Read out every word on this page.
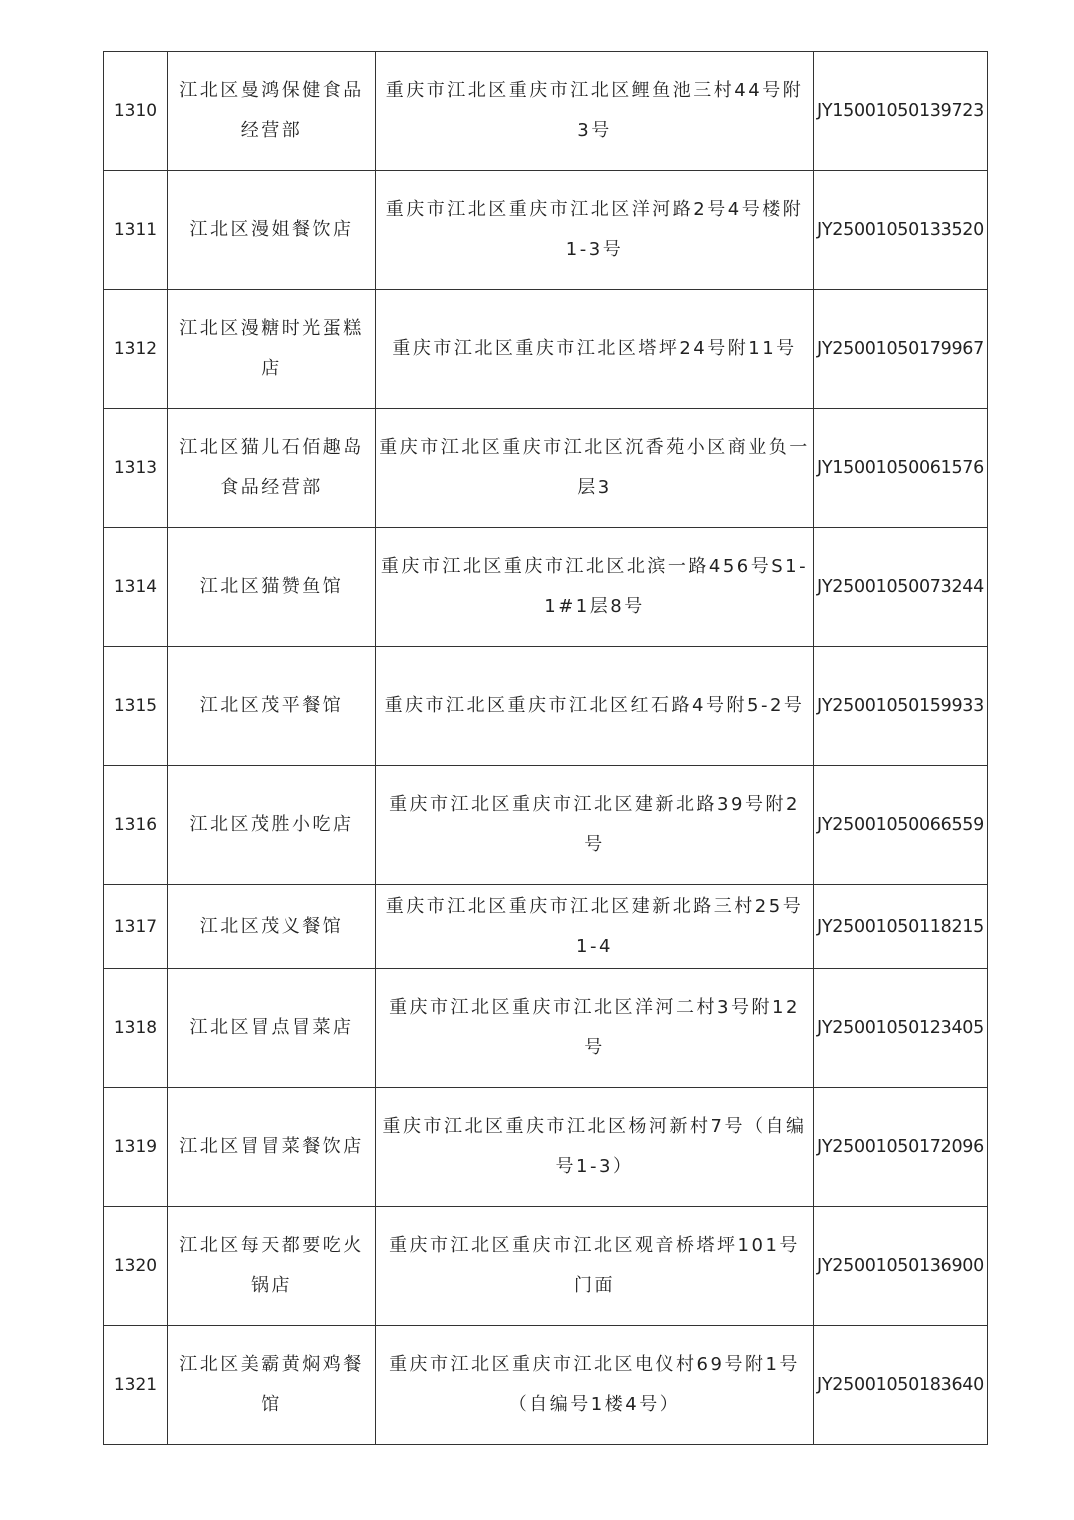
1310	江北区曼鸿保健食品经营部	重庆市江北区重庆市江北区鲤鱼池三村44号附3号	JY15001050139723
1311	江北区漫姐餐饮店	重庆市江北区重庆市江北区洋河路2号4号楼附1-3号	JY25001050133520
1312	江北区漫糖时光蛋糕店	重庆市江北区重庆市江北区塔坪24号附11号	JY25001050179967
1313	江北区猫儿石佰趣岛食品经营部	重庆市江北区重庆市江北区沉香苑小区商业负一层3	JY15001050061576
1314	江北区猫赞鱼馆	重庆市江北区重庆市江北区北滨一路456号S1-1#1层8号	JY25001050073244
1315	江北区茂平餐馆	重庆市江北区重庆市江北区红石路4号附5-2号	JY25001050159933
1316	江北区茂胜小吃店	重庆市江北区重庆市江北区建新北路39号附2号	JY25001050066559
1317	江北区茂义餐馆	重庆市江北区重庆市江北区建新北路三村25号1-4	JY25001050118215
1318	江北区冒点冒菜店	重庆市江北区重庆市江北区洋河二村3号附12号	JY25001050123405
1319	江北区冒冒菜餐饮店	重庆市江北区重庆市江北区杨河新村7号（自编号1-3）	JY25001050172096
1320	江北区每天都要吃火锅店	重庆市江北区重庆市江北区观音桥塔坪101号门面	JY25001050136900
1321	江北区美霸黄焖鸡餐馆	重庆市江北区重庆市江北区电仪村69号附1号（自编号1楼4号）	JY25001050183640
